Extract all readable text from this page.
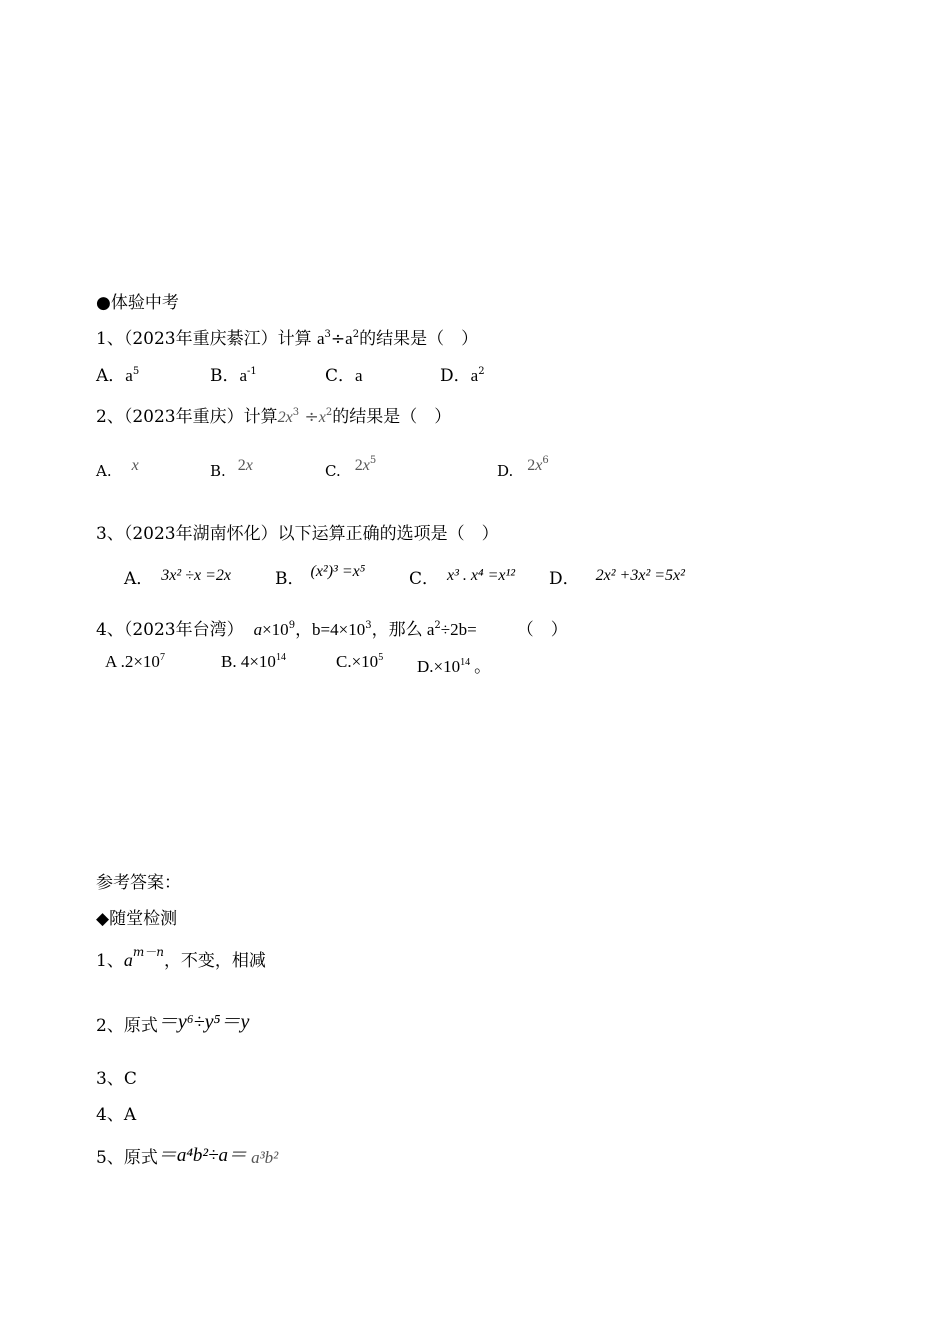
●体验中考
1、（2023年重庆綦江）计算 $a^3\div a^2$的结果是（　）
A．$a^5$	B．$a^{-1}$	C．a	D．$a^2$
2、（2023年重庆）计算$2x^3 \div x^2$的结果是（　）
A. x	B. 2x	C. $2x^5$
D. $2x^6$
3、（2023年湖南怀化）以下运算正确的选项是（　）
A． 3x² ÷x =2x	B． (x²)³ =x⁵	C． x³ . x⁴ =x¹² D． 2x² +3x² =5x²
4、（2023年台湾） $a\times 10^9$，$b=4\times 10^3$，那么 $a^2\div 2b=$ （　）
A $.2\times 10^7$	B. $4\times 10^{14}$	$C.\times 10^5$ $D.\times 10^{14}$ 。
参考答案：
◆随堂检测
1、$a^{m-n}$，不变，相减
2、原式＝y⁶÷y⁵＝y
3、C
4、A
5、原式＝a⁴b²÷a＝ a³b²
